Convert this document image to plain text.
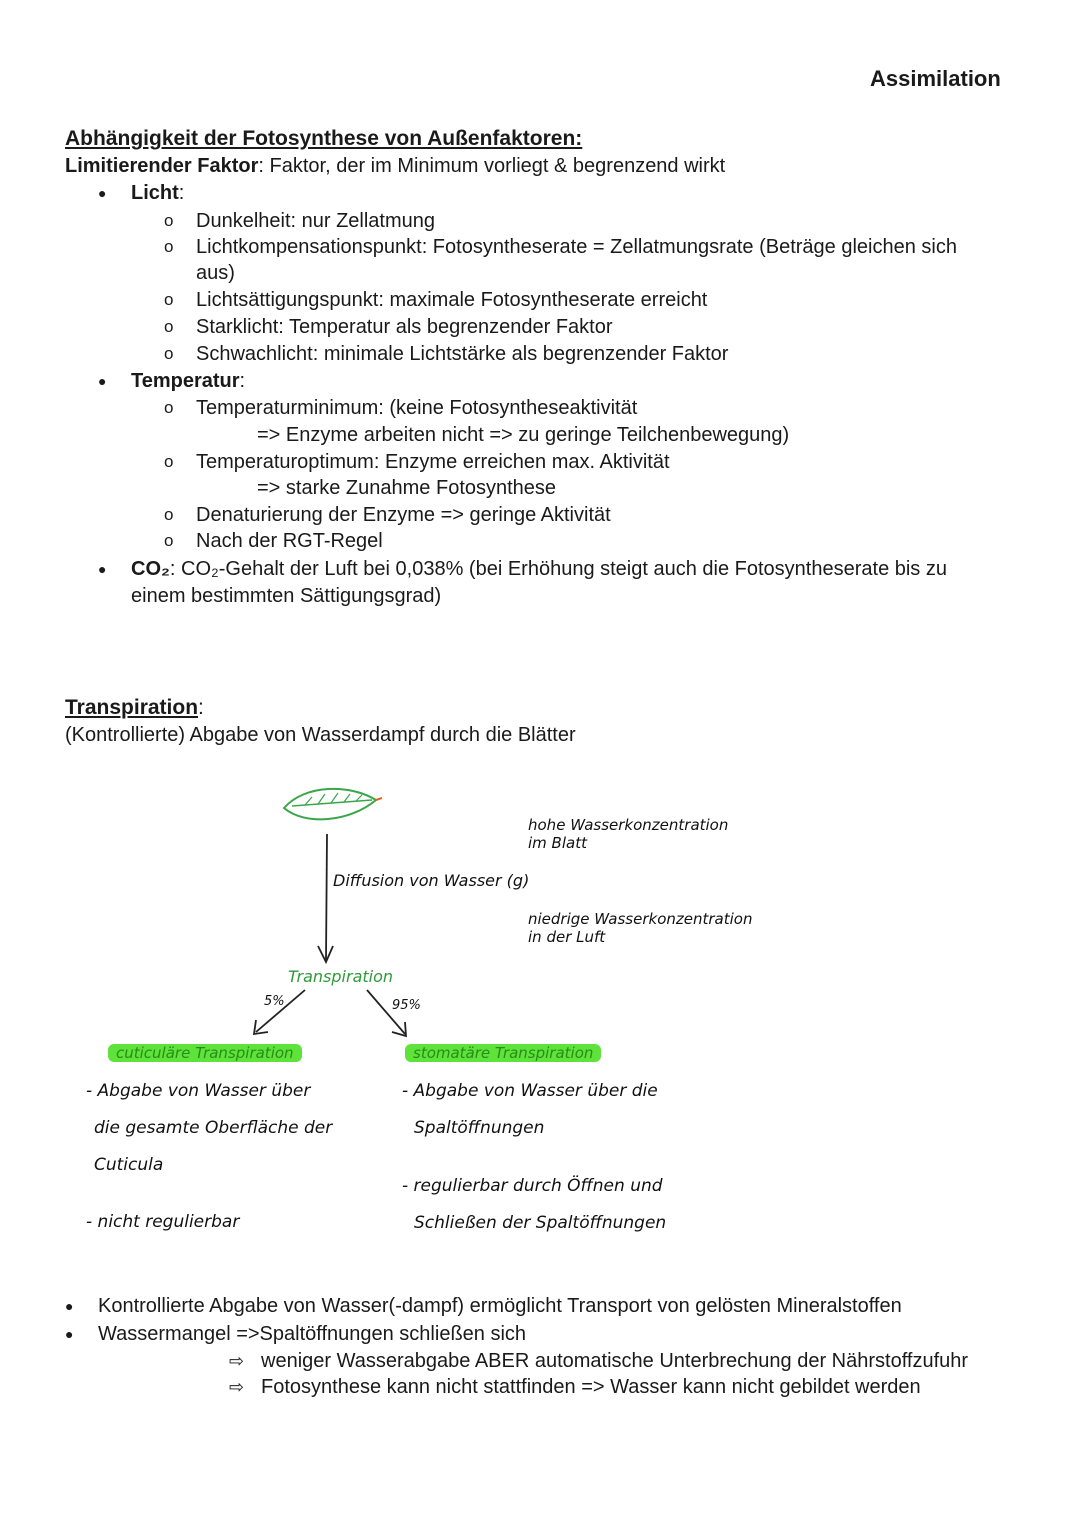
Assimilation
Abhängigkeit der Fotosynthese von Außenfaktoren:
Limitierender Faktor: Faktor, der im Minimum vorliegt & begrenzend wirkt
● Licht:
o Dunkelheit: nur Zellatmung
o Lichtkompensationspunkt: Fotosyntheserate = Zellatmungsrate (Beträge gleichen sich
aus)
o Lichtsättigungspunkt: maximale Fotosyntheserate erreicht
o Starklicht: Temperatur als begrenzender Faktor
o Schwachlicht: minimale Lichtstärke als begrenzender Faktor
● Temperatur:
o Temperaturminimum: (keine Fotosyntheseaktivität
=> Enzyme arbeiten nicht => zu geringe Teilchenbewegung)
o Temperaturoptimum: Enzyme erreichen max. Aktivität
=> starke Zunahme Fotosynthese
o Denaturierung der Enzyme => geringe Aktivität
o Nach der RGT-Regel
● CO₂: CO₂-Gehalt der Luft bei 0,038% (bei Erhöhung steigt auch die Fotosyntheserate bis zu
einem bestimmten Sättigungsgrad)
Transpiration:
(Kontrollierte) Abgabe von Wasserdampf durch die Blätter
Diffusion von Wasser (g)
hohe Wasserkonzentration
im Blatt
niedrige Wasserkonzentration
in der Luft
Transpiration
5%	95%
cuticuläre Transpiration	stomatäre Transpiration
- Abgabe von Wasser über
die gesamte Oberfläche der
Cuticula
- nicht regulierbar
- Abgabe von Wasser über die
Spaltöffnungen
- regulierbar durch Öffnen und
Schließen der Spaltöffnungen
● Kontrollierte Abgabe von Wasser(-dampf) ermöglicht Transport von gelösten Mineralstoffen
● Wassermangel =>Spaltöffnungen schließen sich
⇨ weniger Wasserabgabe ABER automatische Unterbrechung der Nährstoffzufuhr
⇨ Fotosynthese kann nicht stattfinden => Wasser kann nicht gebildet werden
